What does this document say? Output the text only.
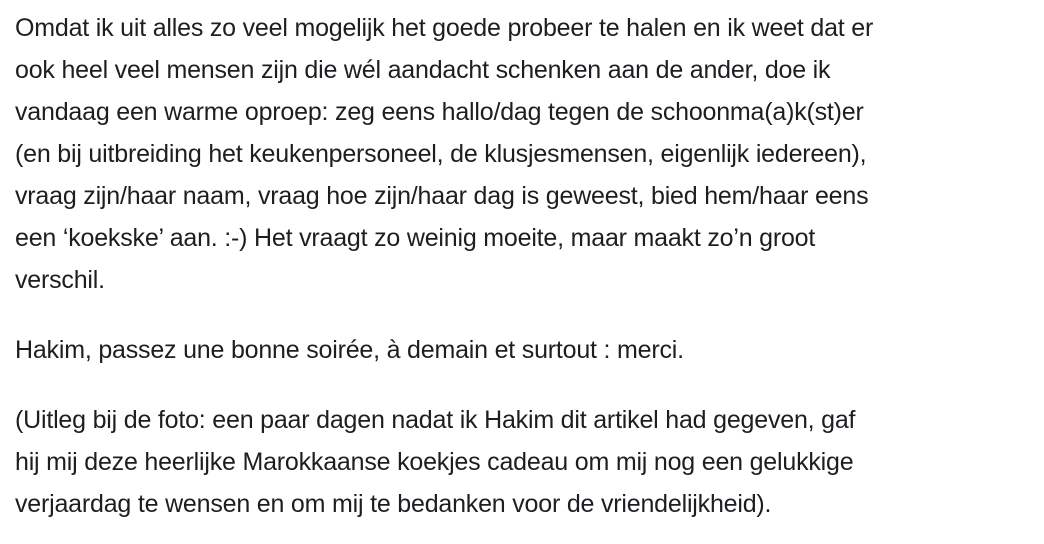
Omdat ik uit alles zo veel mogelijk het goede probeer te halen en ik weet dat er
ook heel veel mensen zijn die wél aandacht schenken aan de ander, doe ik
vandaag een warme oproep: zeg eens hallo/dag tegen de schoonma(a)k(st)er
(en bij uitbreiding het keukenpersoneel, de klusjesmensen, eigenlijk iedereen),
vraag zijn/haar naam, vraag hoe zijn/haar dag is geweest, bied hem/haar eens
een ‘koekske’ aan. :-) Het vraagt zo weinig moeite, maar maakt zo’n groot
verschil.

Hakim, passez une bonne soirée, à demain et surtout : merci.

(Uitleg bij de foto: een paar dagen nadat ik Hakim dit artikel had gegeven, gaf
hij mij deze heerlijke Marokkaanse koekjes cadeau om mij nog een gelukkige
verjaardag te wensen en om mij te bedanken voor de vriendelijkheid).
